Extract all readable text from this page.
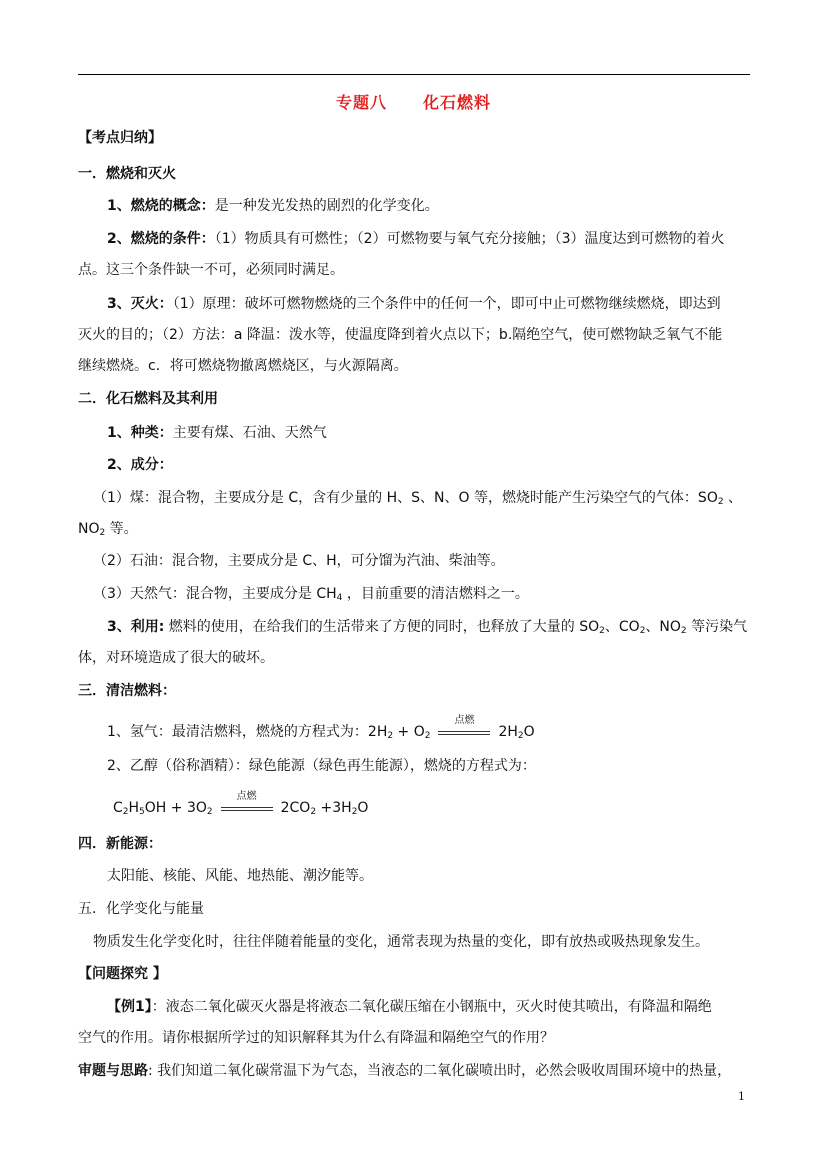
专题八 化石燃料
【考点归纳】
一．燃烧和灭火
1、燃烧的概念：是一种发光发热的剧烈的化学变化。
2、燃烧的条件：（1）物质具有可燃性；（2）可燃物要与氧气充分接触；（3）温度达到可燃物的着火
点。这三个条件缺一不可，必须同时满足。
3、灭火：（1）原理：破坏可燃物燃烧的三个条件中的任何一个，即可中止可燃物继续燃烧，即达到
灭火的目的；（2）方法：a 降温：泼水等，使温度降到着火点以下；b.隔绝空气，使可燃物缺乏氧气不能
继续燃烧。c．将可燃烧物撤离燃烧区，与火源隔离。
二．化石燃料及其利用
1、种类：主要有煤、石油、天然气
2、成分：
（1）煤：混合物，主要成分是 C，含有少量的 H、S、N、O 等，燃烧时能产生污染空气的气体：$SO_2$ 、
$NO_2$ 等。
（2）石油：混合物，主要成分是 C、H，可分馏为汽油、柴油等。
（3）天然气：混合物，主要成分是 $CH_4$ ，目前重要的清洁燃料之一。
3、利用: 燃料的使用，在给我们的生活带来了方便的同时，也释放了大量的 $SO_2$、$CO_2$、$NO_2$ 等污染气
体，对环境造成了很大的破坏。
三．清洁燃料：
1、氢气：最清洁燃料，燃烧的方程式为：$2H_2 + O_2$
点燃
$2H_2O$
2、乙醇（俗称酒精）：绿色能源（绿色再生能源），燃烧的方程式为：
$C_2H_5OH + 3O_2$
点燃
$2CO_2 +3H_2O$
四．新能源：
太阳能、核能、风能、地热能、潮汐能等。
五．化学变化与能量
物质发生化学变化时，往往伴随着能量的变化，通常表现为热量的变化，即有放热或吸热现象发生。
【问题探究 】
【例1】：液态二氧化碳灭火器是将液态二氧化碳压缩在小钢瓶中，灭火时使其喷出，有降温和隔绝
空气的作用。请你根据所学过的知识解释其为什么有降温和隔绝空气的作用？
审题与思路: 我们知道二氧化碳常温下为气态，当液态的二氧化碳喷出时，必然会吸收周围环境中的热量，
1
